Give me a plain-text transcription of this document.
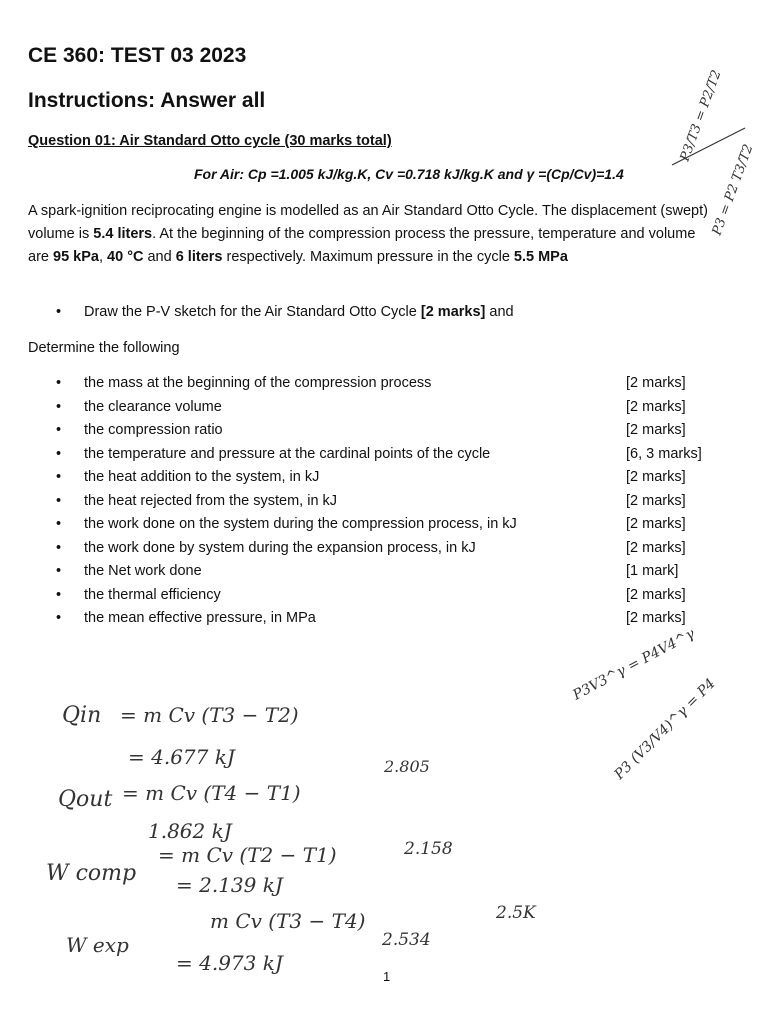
CE 360: TEST 03 2023
Instructions: Answer all
Question 01: Air Standard Otto cycle (30 marks total)
For Air: Cp =1.005 kJ/kg.K, Cv =0.718 kJ/kg.K and γ =(Cp/Cv)=1.4
A spark-ignition reciprocating engine is modelled as an Air Standard Otto Cycle. The displacement (swept) volume is 5.4 liters. At the beginning of the compression process the pressure, temperature and volume are 95 kPa, 40 °C and 6 liters respectively. Maximum pressure in the cycle 5.5 MPa
• Draw the P-V sketch for the Air Standard Otto Cycle [2 marks] and
Determine the following
• the mass at the beginning of the compression process	[2 marks]
• the clearance volume	[2 marks]
• the compression ratio	[2 marks]
• the temperature and pressure at the cardinal points of the cycle	[6, 3 marks]
• the heat addition to the system, in kJ	[2 marks]
• the heat rejected from the system, in kJ	[2 marks]
• the work done on the system during the compression process, in kJ	[2 marks]
• the work done by system during the expansion process, in kJ	[2 marks]
• the Net work done	[1 mark]
• the thermal efficiency	[2 marks]
• the mean effective pressure, in MPa	[2 marks]
Qin = m Cv (T3 − T2)
= 4.677 kJ
Qout = m Cv (T4 − T1)
1.862 kJ
2.805
W comp
= m Cv (T2 − T1)
= 2.139 kJ
2.158
m Cv (T3 − T4)
W exp
= 4.973 kJ
2.534
2.5K
P3/T3 = P2/T2
P3 = P2 T3/T2
P3V3^γ = P4V4^γ
P3 (V3/V4)^γ = P4
1
